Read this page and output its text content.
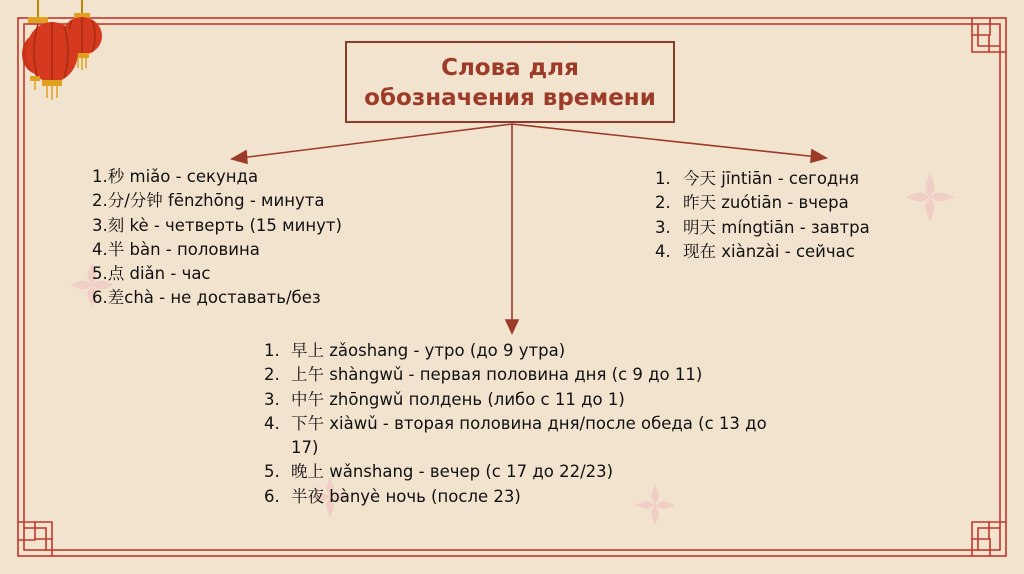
Слова для
обозначения времени
1.秒 miǎo - секунда
2.分/分钟 fēnzhōng - минута
3.刻 kè - четверть (15 минут)
4.半 bàn - половина
5.点 diǎn - час
6.差chà - не доставать/без
1. 今天 jīntiān - сегодня
2. 昨天 zuótiān - вчера
3. 明天 míngtiān - завтра
4. 现在 xiànzài - сейчас
1. 早上 zǎoshang - утро (до 9 утра)
2. 上午 shàngwǔ - первая половина дня (с 9 до 11)
3. 中午 zhōngwǔ полдень (либо с 11 до 1)
4. 下午 xiàwǔ - вторая половина дня/после обеда (с 13 до 17)
5. 晚上 wǎnshang - вечер (с 17 до 22/23)
6. 半夜 bànyè ночь (после 23)
